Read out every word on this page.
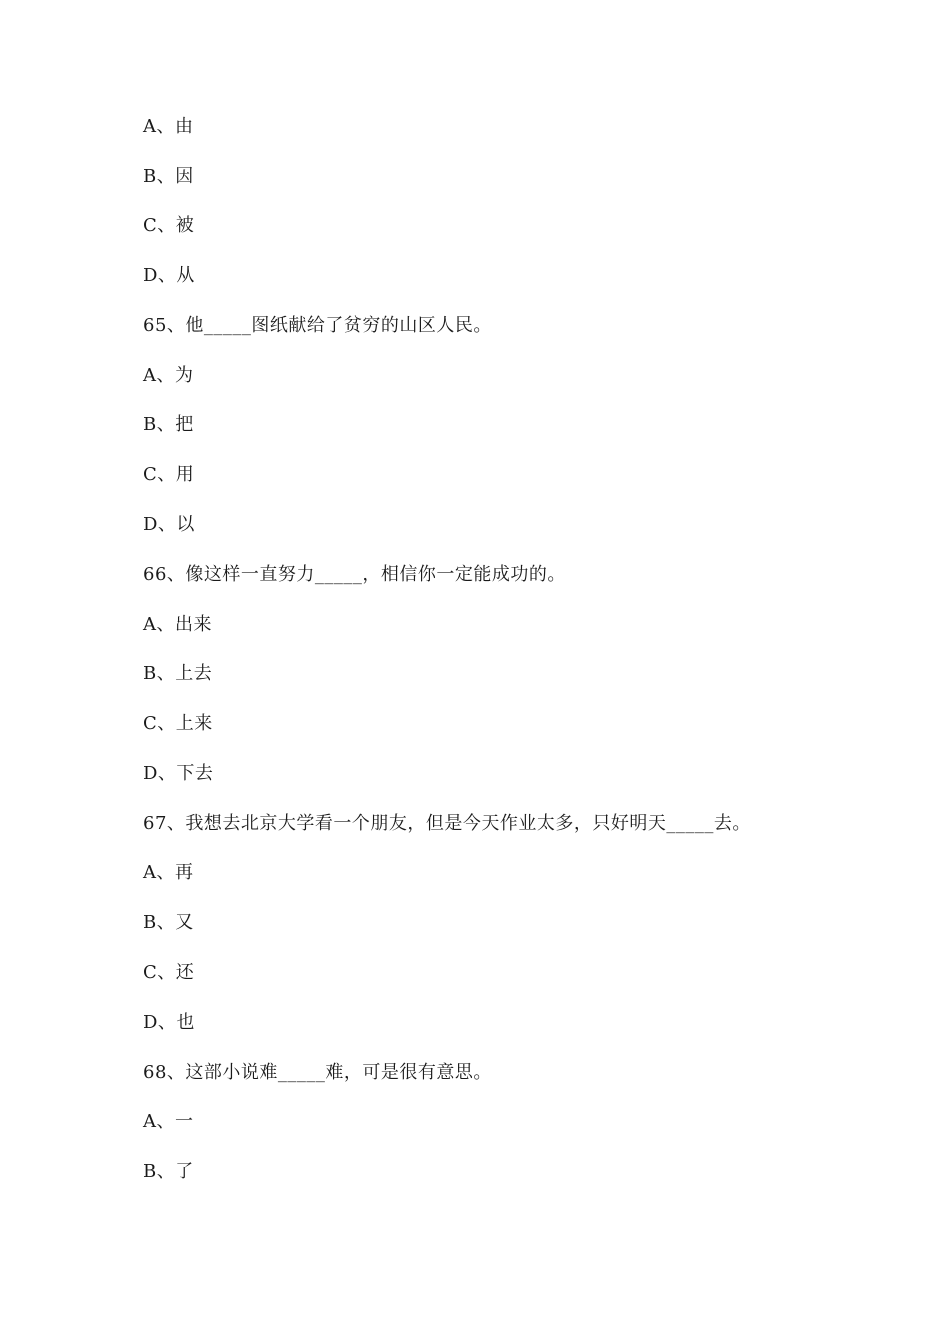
A、由
B、因
C、被
D、从
65、他_____图纸献给了贫穷的山区人民。
A、为
B、把
C、用
D、以
66、像这样一直努力_____，相信你一定能成功的。
A、出来
B、上去
C、上来
D、下去
67、我想去北京大学看一个朋友，但是今天作业太多，只好明天_____去。
A、再
B、又
C、还
D、也
68、这部小说难_____难，可是很有意思。
A、一
B、了
